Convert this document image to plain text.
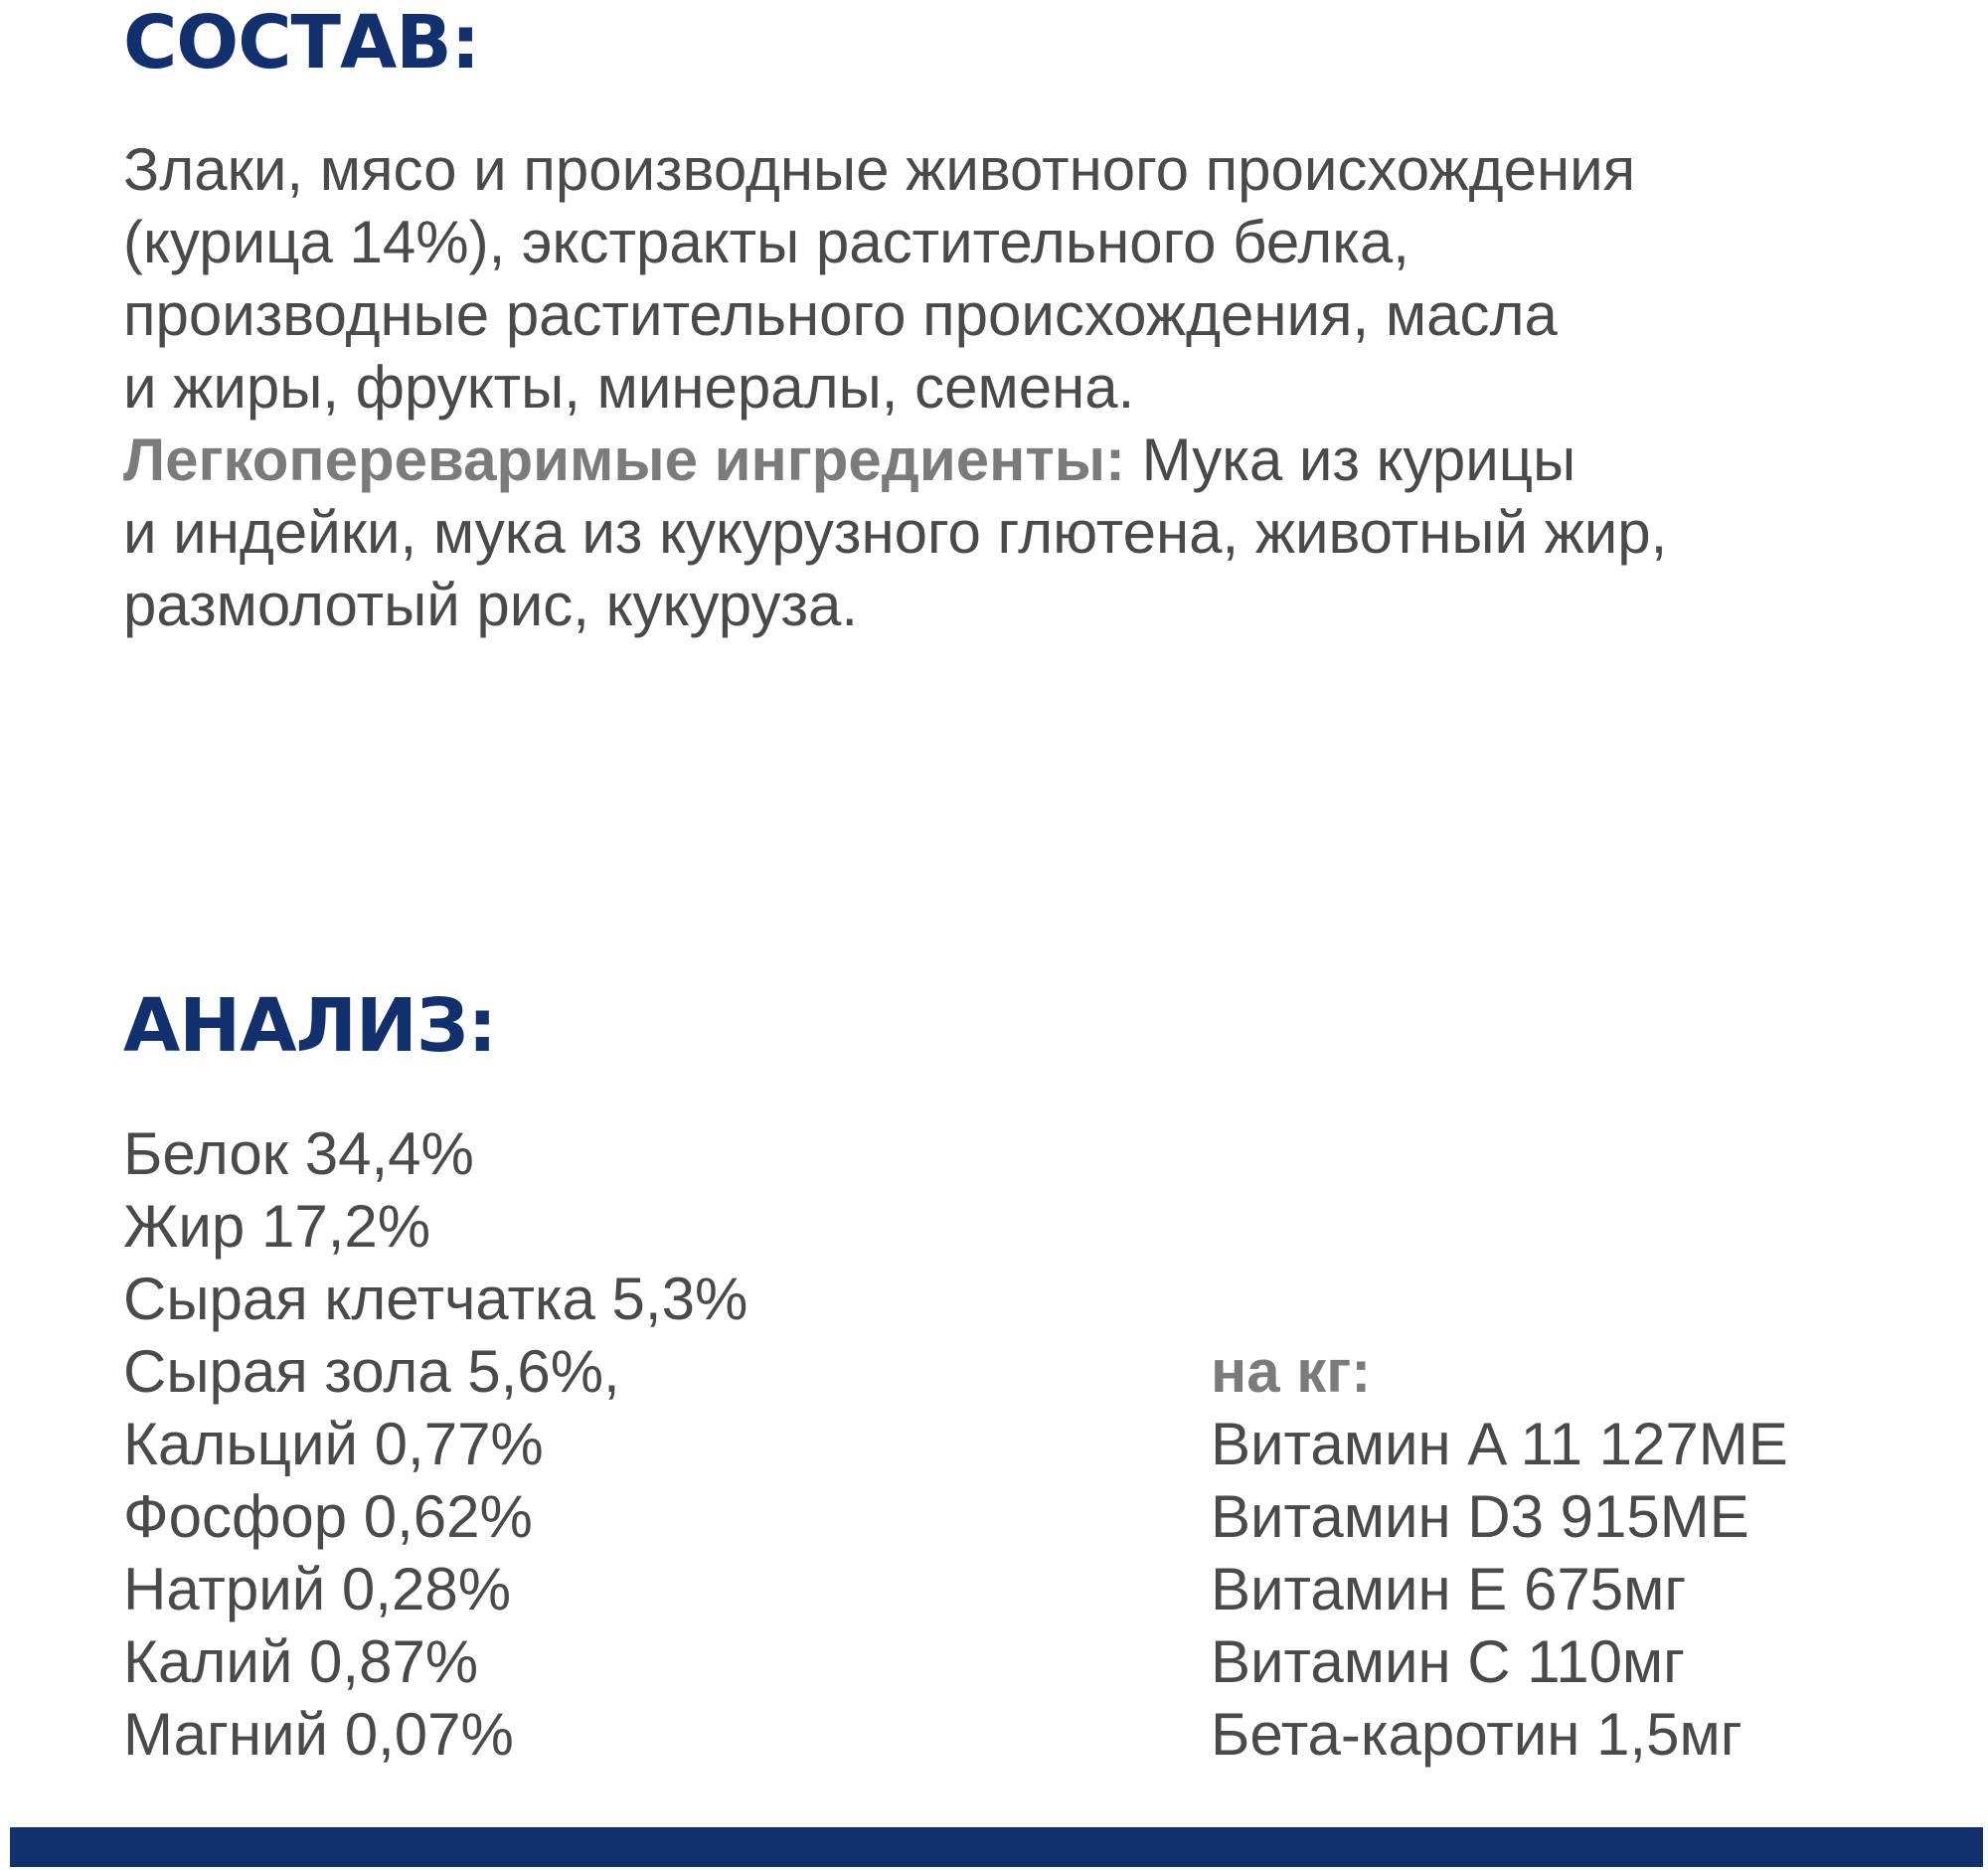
СОСТАВ:
Злаки, мясо и производные животного происхождения
(курица 14%), экстракты растительного белка,
производные растительного происхождения, масла
и жиры, фрукты, минералы, семена.
Легкопереваримые ингредиенты: Мука из курицы
и индейки, мука из кукурузного глютена, животный жир,
размолотый рис, кукуруза.
АНАЛИЗ:
Белок 34,4%
Жир 17,2%
Сырая клетчатка 5,3%
Сырая зола 5,6%,
Кальций 0,77%
Фосфор 0,62%
Натрий 0,28%
Калий 0,87%
Магний 0,07%
на кг:
Витамин A 11 127МЕ
Витамин D3 915МЕ
Витамин E 675мг
Витамин C 110мг
Бета-каротин 1,5мг
